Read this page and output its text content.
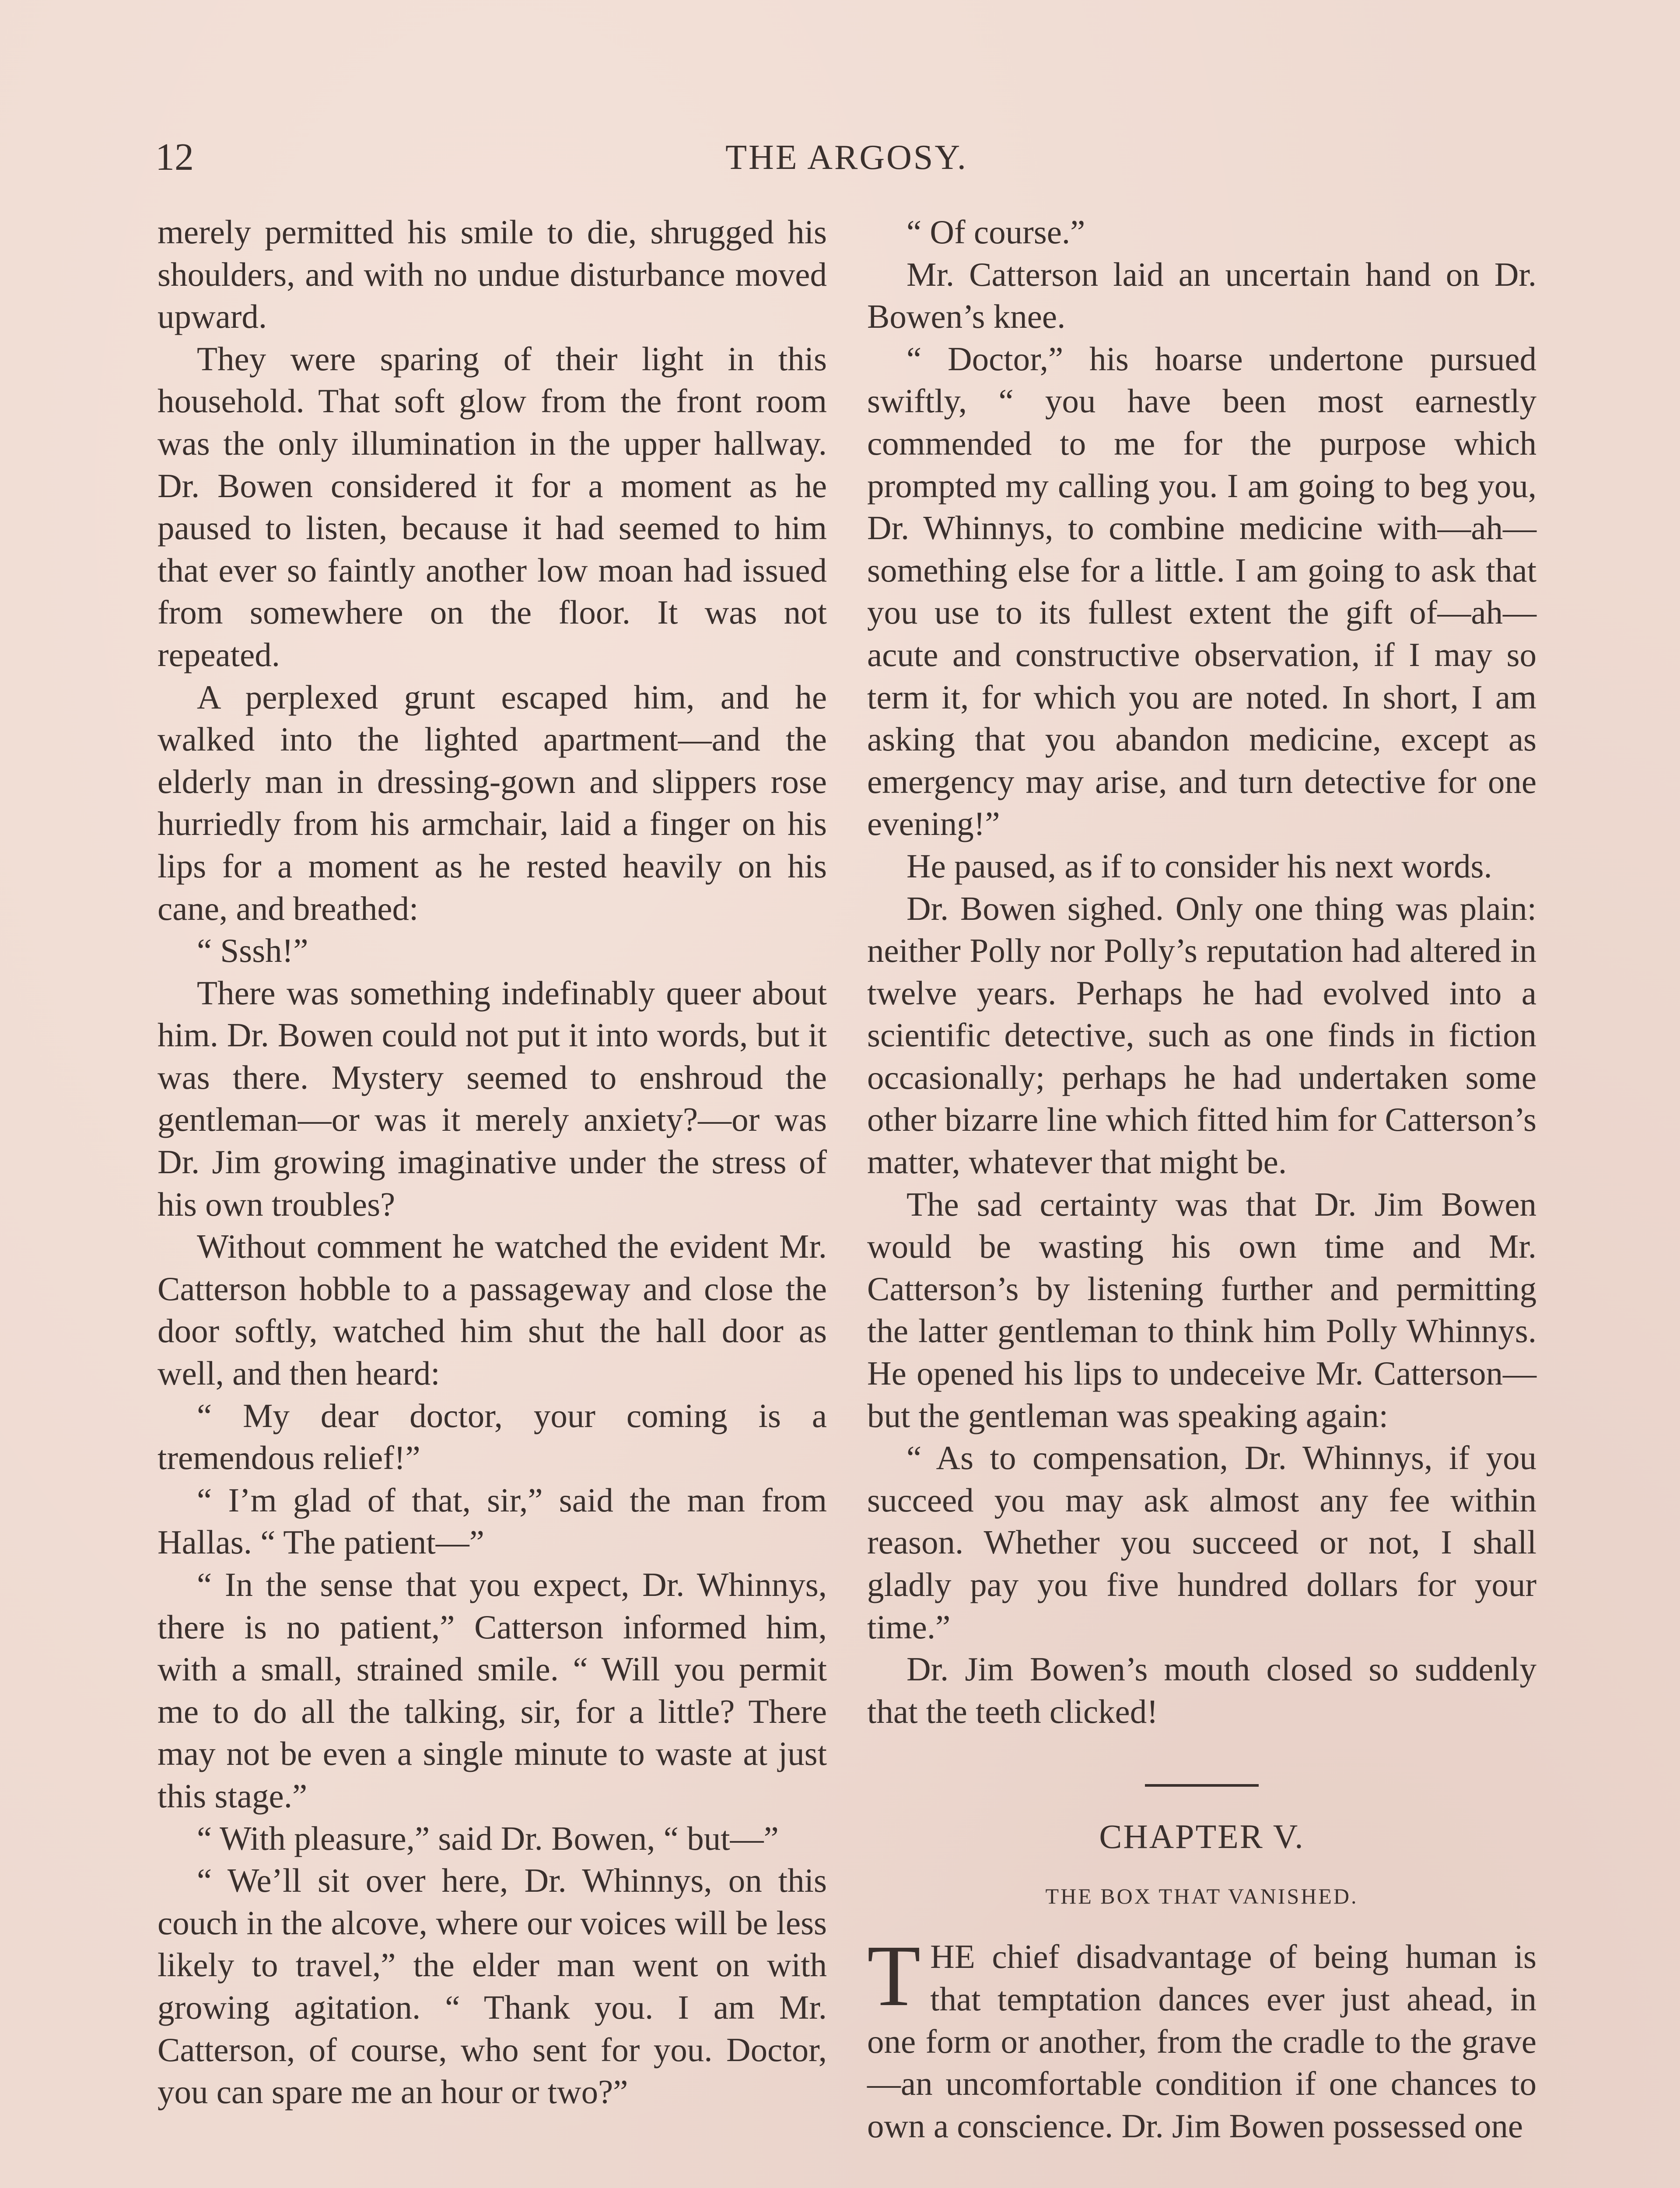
12	THE ARGOSY.

merely permitted his smile to die, shrugged his shoulders, and with no undue disturbance moved upward.

They were sparing of their light in this household. That soft glow from the front room was the only illumination in the upper hallway. Dr. Bowen considered it for a moment as he paused to listen, because it had seemed to him that ever so faintly another low moan had issued from somewhere on the floor. It was not repeated.

A perplexed grunt escaped him, and he walked into the lighted apartment—and the elderly man in dressing-gown and slippers rose hurriedly from his armchair, laid a finger on his lips for a moment as he rested heavily on his cane, and breathed:

“ Sssh!”

There was something indefinably queer about him. Dr. Bowen could not put it into words, but it was there. Mystery seemed to enshroud the gentleman—or was it merely anxiety?—or was Dr. Jim growing imaginative under the stress of his own troubles?

Without comment he watched the evident Mr. Catterson hobble to a passageway and close the door softly, watched him shut the hall door as well, and then heard:

“ My dear doctor, your coming is a tremendous relief!”

“ I’m glad of that, sir,” said the man from Hallas. “ The patient—”

“ In the sense that you expect, Dr. Whinnys, there is no patient,” Catterson informed him, with a small, strained smile. “ Will you permit me to do all the talking, sir, for a little? There may not be even a single minute to waste at just this stage.”

“ With pleasure,” said Dr. Bowen, “ but—”

“ We’ll sit over here, Dr. Whinnys, on this couch in the alcove, where our voices will be less likely to travel,” the elder man went on with growing agitation. “ Thank you. I am Mr. Catterson, of course, who sent for you. Doctor, you can spare me an hour or two?”

“ Of course.”

Mr. Catterson laid an uncertain hand on Dr. Bowen’s knee.

“ Doctor,” his hoarse undertone pursued swiftly, “ you have been most earnestly commended to me for the purpose which prompted my calling you. I am going to beg you, Dr. Whinnys, to combine medicine with—ah—something else for a little. I am going to ask that you use to its fullest extent the gift of—ah—acute and constructive observation, if I may so term it, for which you are noted. In short, I am asking that you abandon medicine, except as emergency may arise, and turn detective for one evening!”

He paused, as if to consider his next words.

Dr. Bowen sighed. Only one thing was plain: neither Polly nor Polly’s reputation had altered in twelve years. Perhaps he had evolved into a scientific detective, such as one finds in fiction occasionally; perhaps he had undertaken some other bizarre line which fitted him for Catterson’s matter, whatever that might be.

The sad certainty was that Dr. Jim Bowen would be wasting his own time and Mr. Catterson’s by listening further and permitting the latter gentleman to think him Polly Whinnys. He opened his lips to undeceive Mr. Catterson—but the gentleman was speaking again:

“ As to compensation, Dr. Whinnys, if you succeed you may ask almost any fee within reason. Whether you succeed or not, I shall gladly pay you five hundred dollars for your time.”

Dr. Jim Bowen’s mouth closed so suddenly that the teeth clicked!

CHAPTER V.
THE BOX THAT VANISHED.

THE chief disadvantage of being human is that temptation dances ever just ahead, in one form or another, from the cradle to the grave—an uncomfortable condition if one chances to own a conscience. Dr. Jim Bowen possessed one
